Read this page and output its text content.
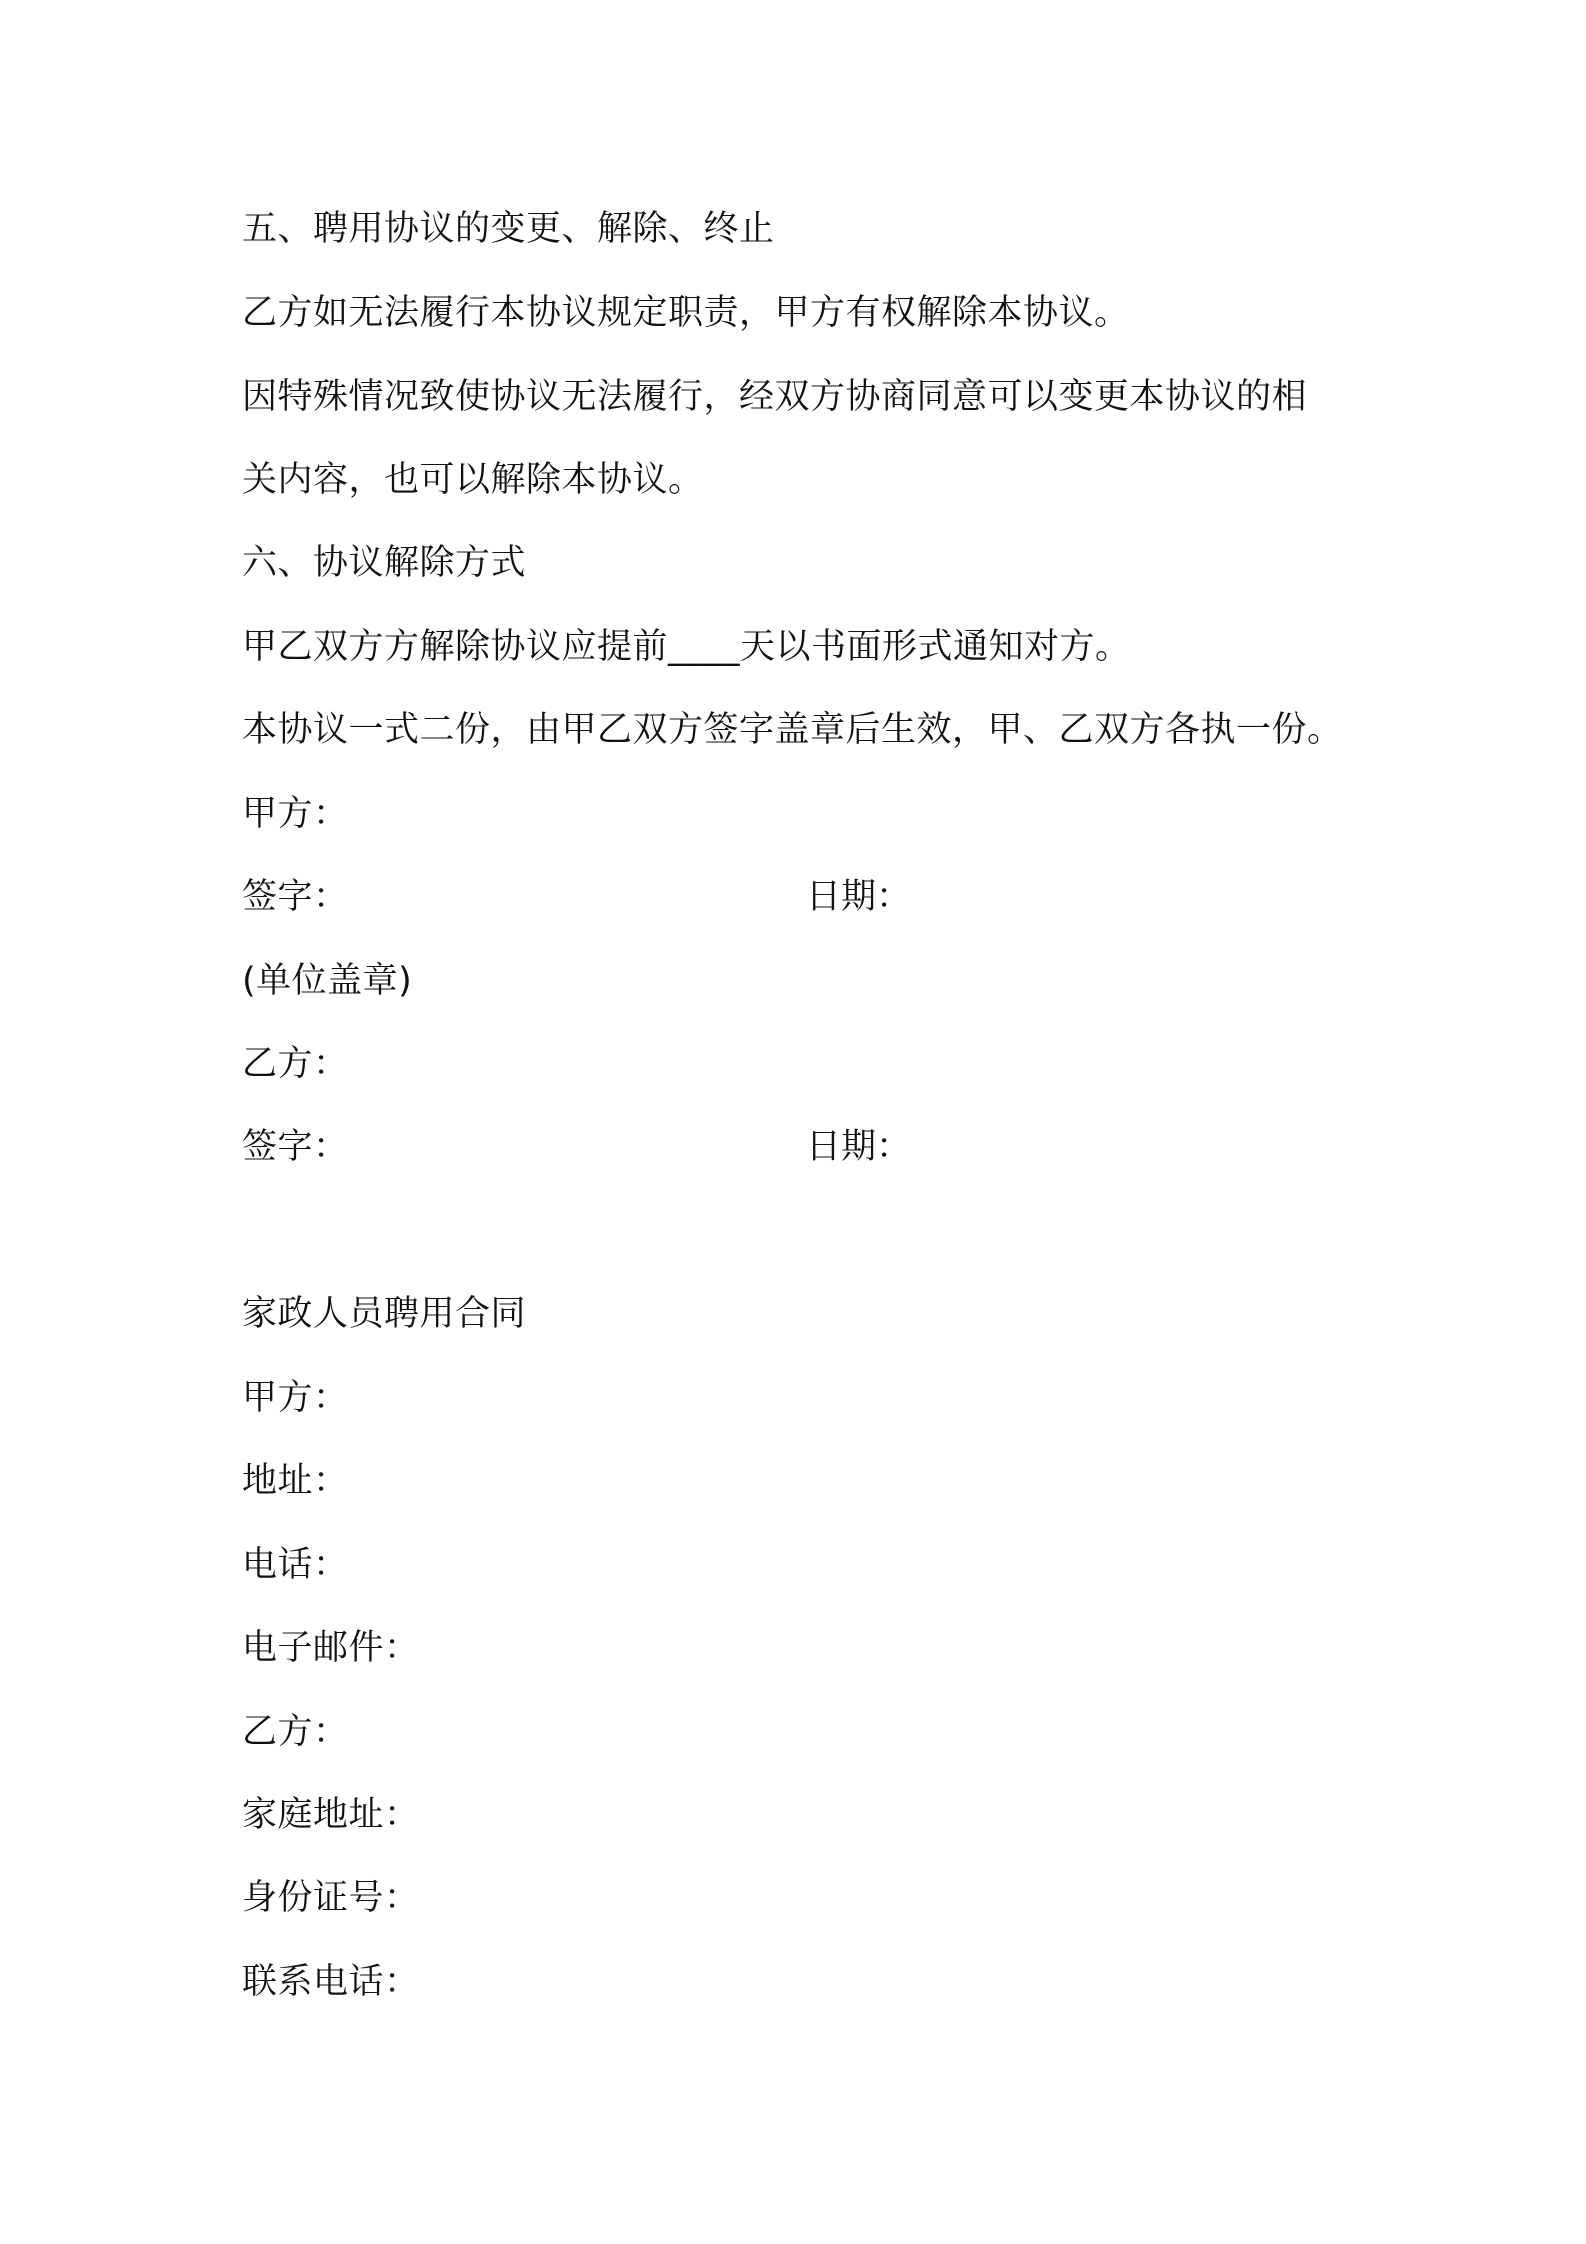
五、聘用协议的变更、解除、终止
乙方如无法履行本协议规定职责，甲方有权解除本协议。
因特殊情况致使协议无法履行，经双方协商同意可以变更本协议的相
关内容，也可以解除本协议。
六、协议解除方式
甲乙双方方解除协议应提前____天以书面形式通知对方。
本协议一式二份，由甲乙双方签字盖章后生效，甲、乙双方各执一份。
甲方：
签字：	日期：
(单位盖章)
乙方：
签字：	日期：
家政人员聘用合同
甲方：
地址：
电话：
电子邮件：
乙方：
家庭地址：
身份证号：
联系电话：
